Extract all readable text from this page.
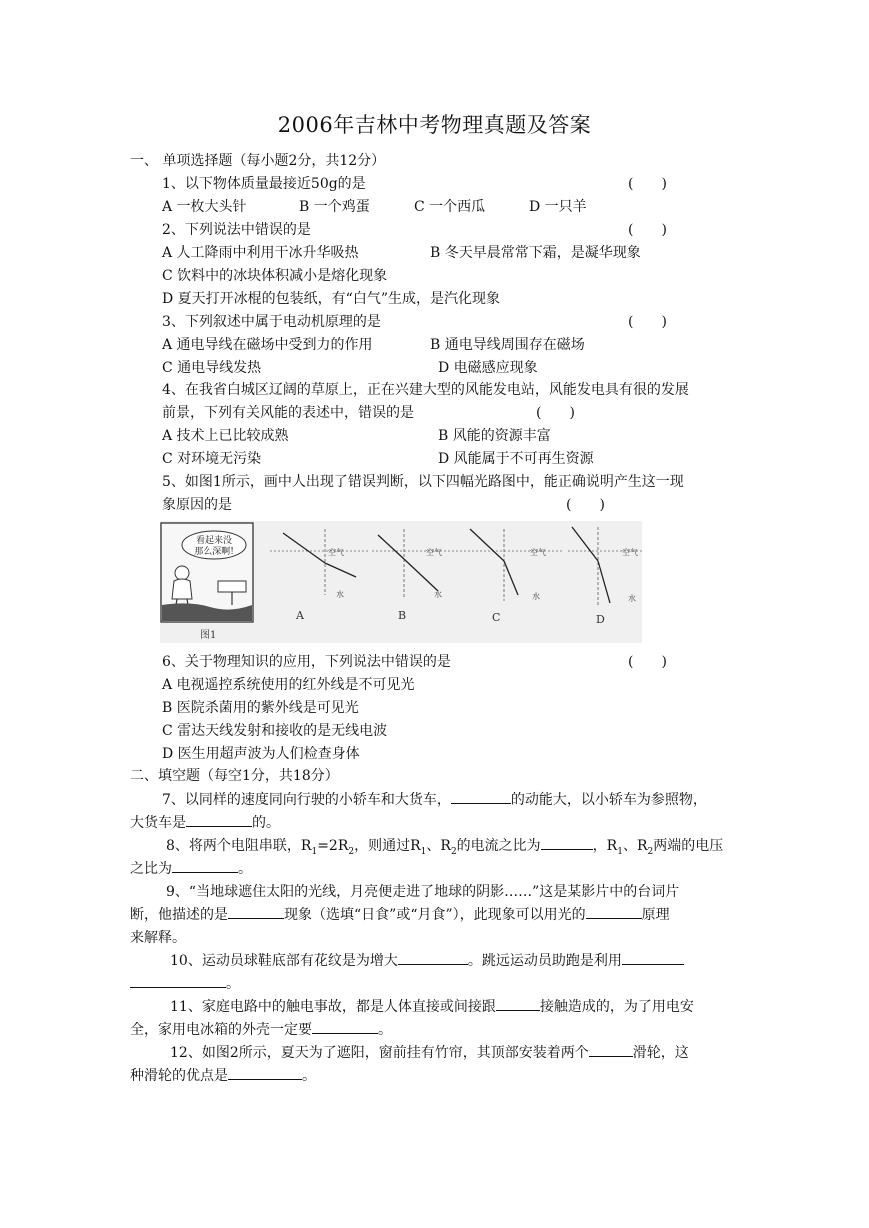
2006年吉林中考物理真题及答案
一、 单项选择题（每小题2分，共12分）
1、以下物体质量最接近50g的是	(　　)
A 一枚大头针	B 一个鸡蛋	C 一个西瓜	D 一只羊
2、下列说法中错误的是	(　　)
A 人工降雨中利用干冰升华吸热	B 冬天早晨常常下霜，是凝华现象
C 饮料中的冰块体积减小是熔化现象
D 夏天打开冰棍的包装纸，有“白气”生成，是汽化现象
3、下列叙述中属于电动机原理的是	(　　)
A 通电导线在磁场中受到力的作用	B 通电导线周围存在磁场
C 通电导线发热	D 电磁感应现象
4、在我省白城区辽阔的草原上，正在兴建大型的风能发电站，风能发电具有很的发展
前景，下列有关风能的表述中，错误的是	(　　)
A 技术上已比较成熟	B 风能的资源丰富
C 对环境无污染	D 风能属于不可再生资源
5、如图1所示，画中人出现了错误判断，以下四幅光路图中，能正确说明产生这一现
象原因的是	(　　)
看起来没
那么深啊!
图1
空气
水
A
空气
水
B
空气
水
C
空气
水
D
6、关于物理知识的应用，下列说法中错误的是	(　　)
A 电视遥控系统使用的红外线是不可见光
B 医院杀菌用的紫外线是可见光
C 雷达天线发射和接收的是无线电波
D 医生用超声波为人们检查身体
二、填空题（每空1分，共18分）
7、以同样的速度同向行驶的小轿车和大货车，	的动能大，以小轿车为参照物，
大货车是	的。
8、将两个电阻串联，$R_1=2R_2$，则通过$R_1$、$R_2$的电流之比为	，$R_1$、$R_2$两端的电压
之比为	。
9、“当地球遮住太阳的光线，月亮便走进了地球的阴影……”这是某影片中的台词片
断，他描述的是	现象（选填“日食”或“月食”），此现象可以用光的	原理
来解释。
10、运动员球鞋底部有花纹是为增大	。跳远运动员助跑是利用
。
11、家庭电路中的触电事故，都是人体直接或间接跟	接触造成的，为了用电安
全，家用电冰箱的外壳一定要	。
12、如图2所示，夏天为了遮阳，窗前挂有竹帘，其顶部安装着两个	滑轮，这
种滑轮的优点是	。
